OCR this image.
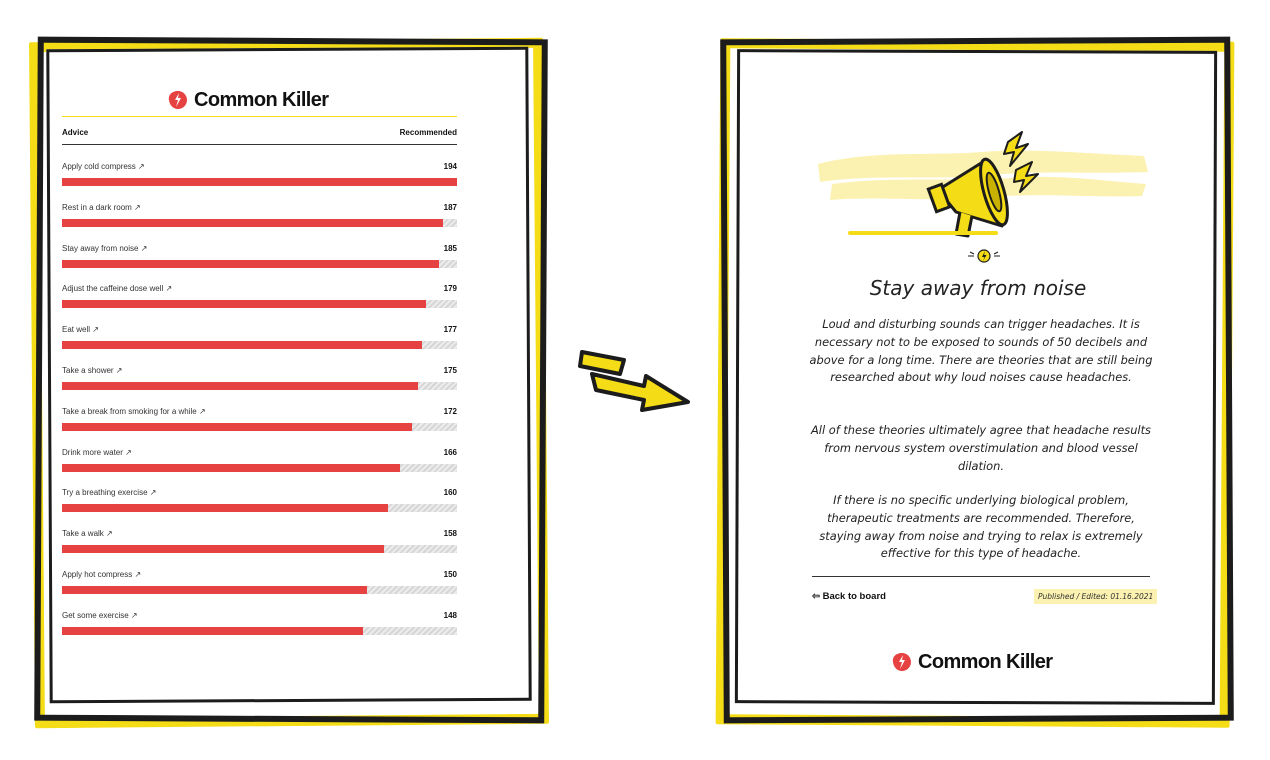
Common Killer
Advice	Recommended
Apply cold compress ↗	194
Rest in a dark room ↗	187
Stay away from noise ↗	185
Adjust the caffeine dose well ↗	179
Eat well ↗	177
Take a shower ↗	175
Take a break from smoking for a while ↗	172
Drink more water ↗	166
Try a breathing exercise ↗	160
Take a walk ↗	158
Apply hot compress ↗	150
Get some exercise ↗	148
Stay away from noise
Loud and disturbing sounds can trigger headaches. It is necessary not to be exposed to sounds of 50 decibels and above for a long time. There are theories that are still being researched about why loud noises cause headaches.
All of these theories ultimately agree that headache results from nervous system overstimulation and blood vessel dilation.
If there is no specific underlying biological problem, therapeutic treatments are recommended. Therefore, staying away from noise and trying to relax is extremely effective for this type of headache.
⇦ Back to board	Published / Edited: 01.16.2021
Common Killer
